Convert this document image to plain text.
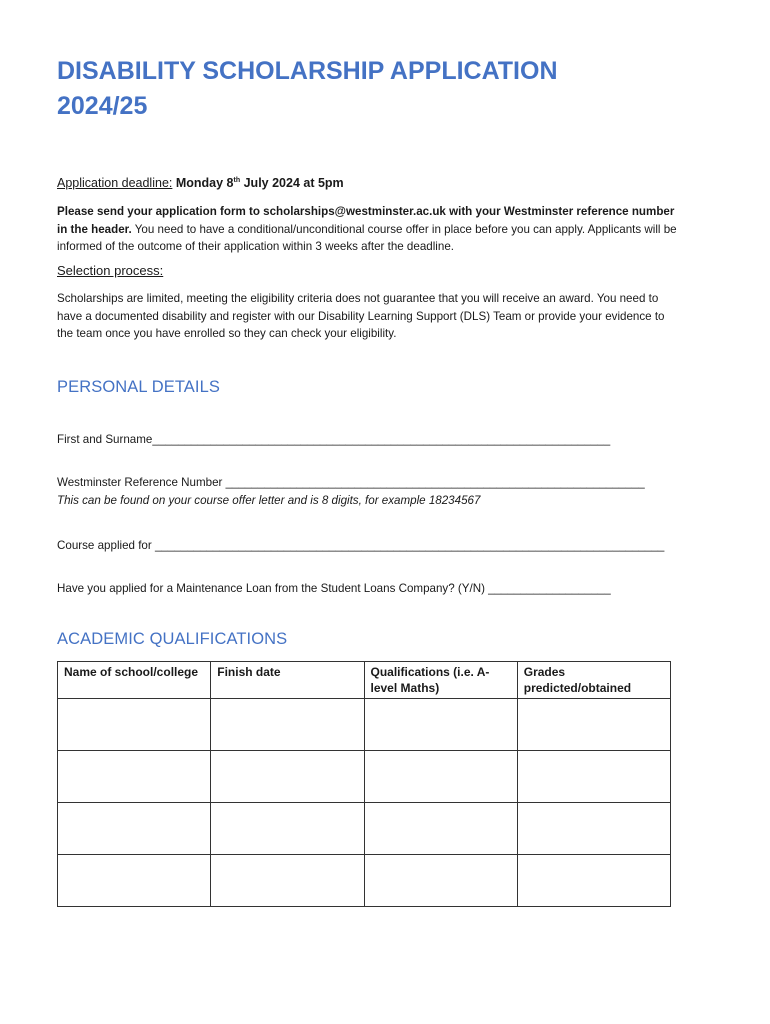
DISABILITY SCHOLARSHIP APPLICATION
2024/25

Application deadline: Monday 8th July 2024 at 5pm

Please send your application form to scholarships@westminster.ac.uk with your Westminster reference number in the header. You need to have a conditional/unconditional course offer in place before you can apply. Applicants will be informed of the outcome of their application within 3 weeks after the deadline.

Selection process:

Scholarships are limited, meeting the eligibility criteria does not guarantee that you will receive an award. You need to have a documented disability and register with our Disability Learning Support (DLS) Team or provide your evidence to the team once you have enrolled so they can check your eligibility.

PERSONAL DETAILS
First and Surname_______________________________________________________________________
Westminster Reference Number _________________________________________________________________
This can be found on your course offer letter and is 8 digits, for example 18234567
Course applied for _______________________________________________________________________________
Have you applied for a Maintenance Loan from the Student Loans Company? (Y/N) ___________________
ACADEMIC QUALIFICATIONS
Name of school/college	Finish date	Qualifications (i.e. A-level Maths)	Grades predicted/obtained
